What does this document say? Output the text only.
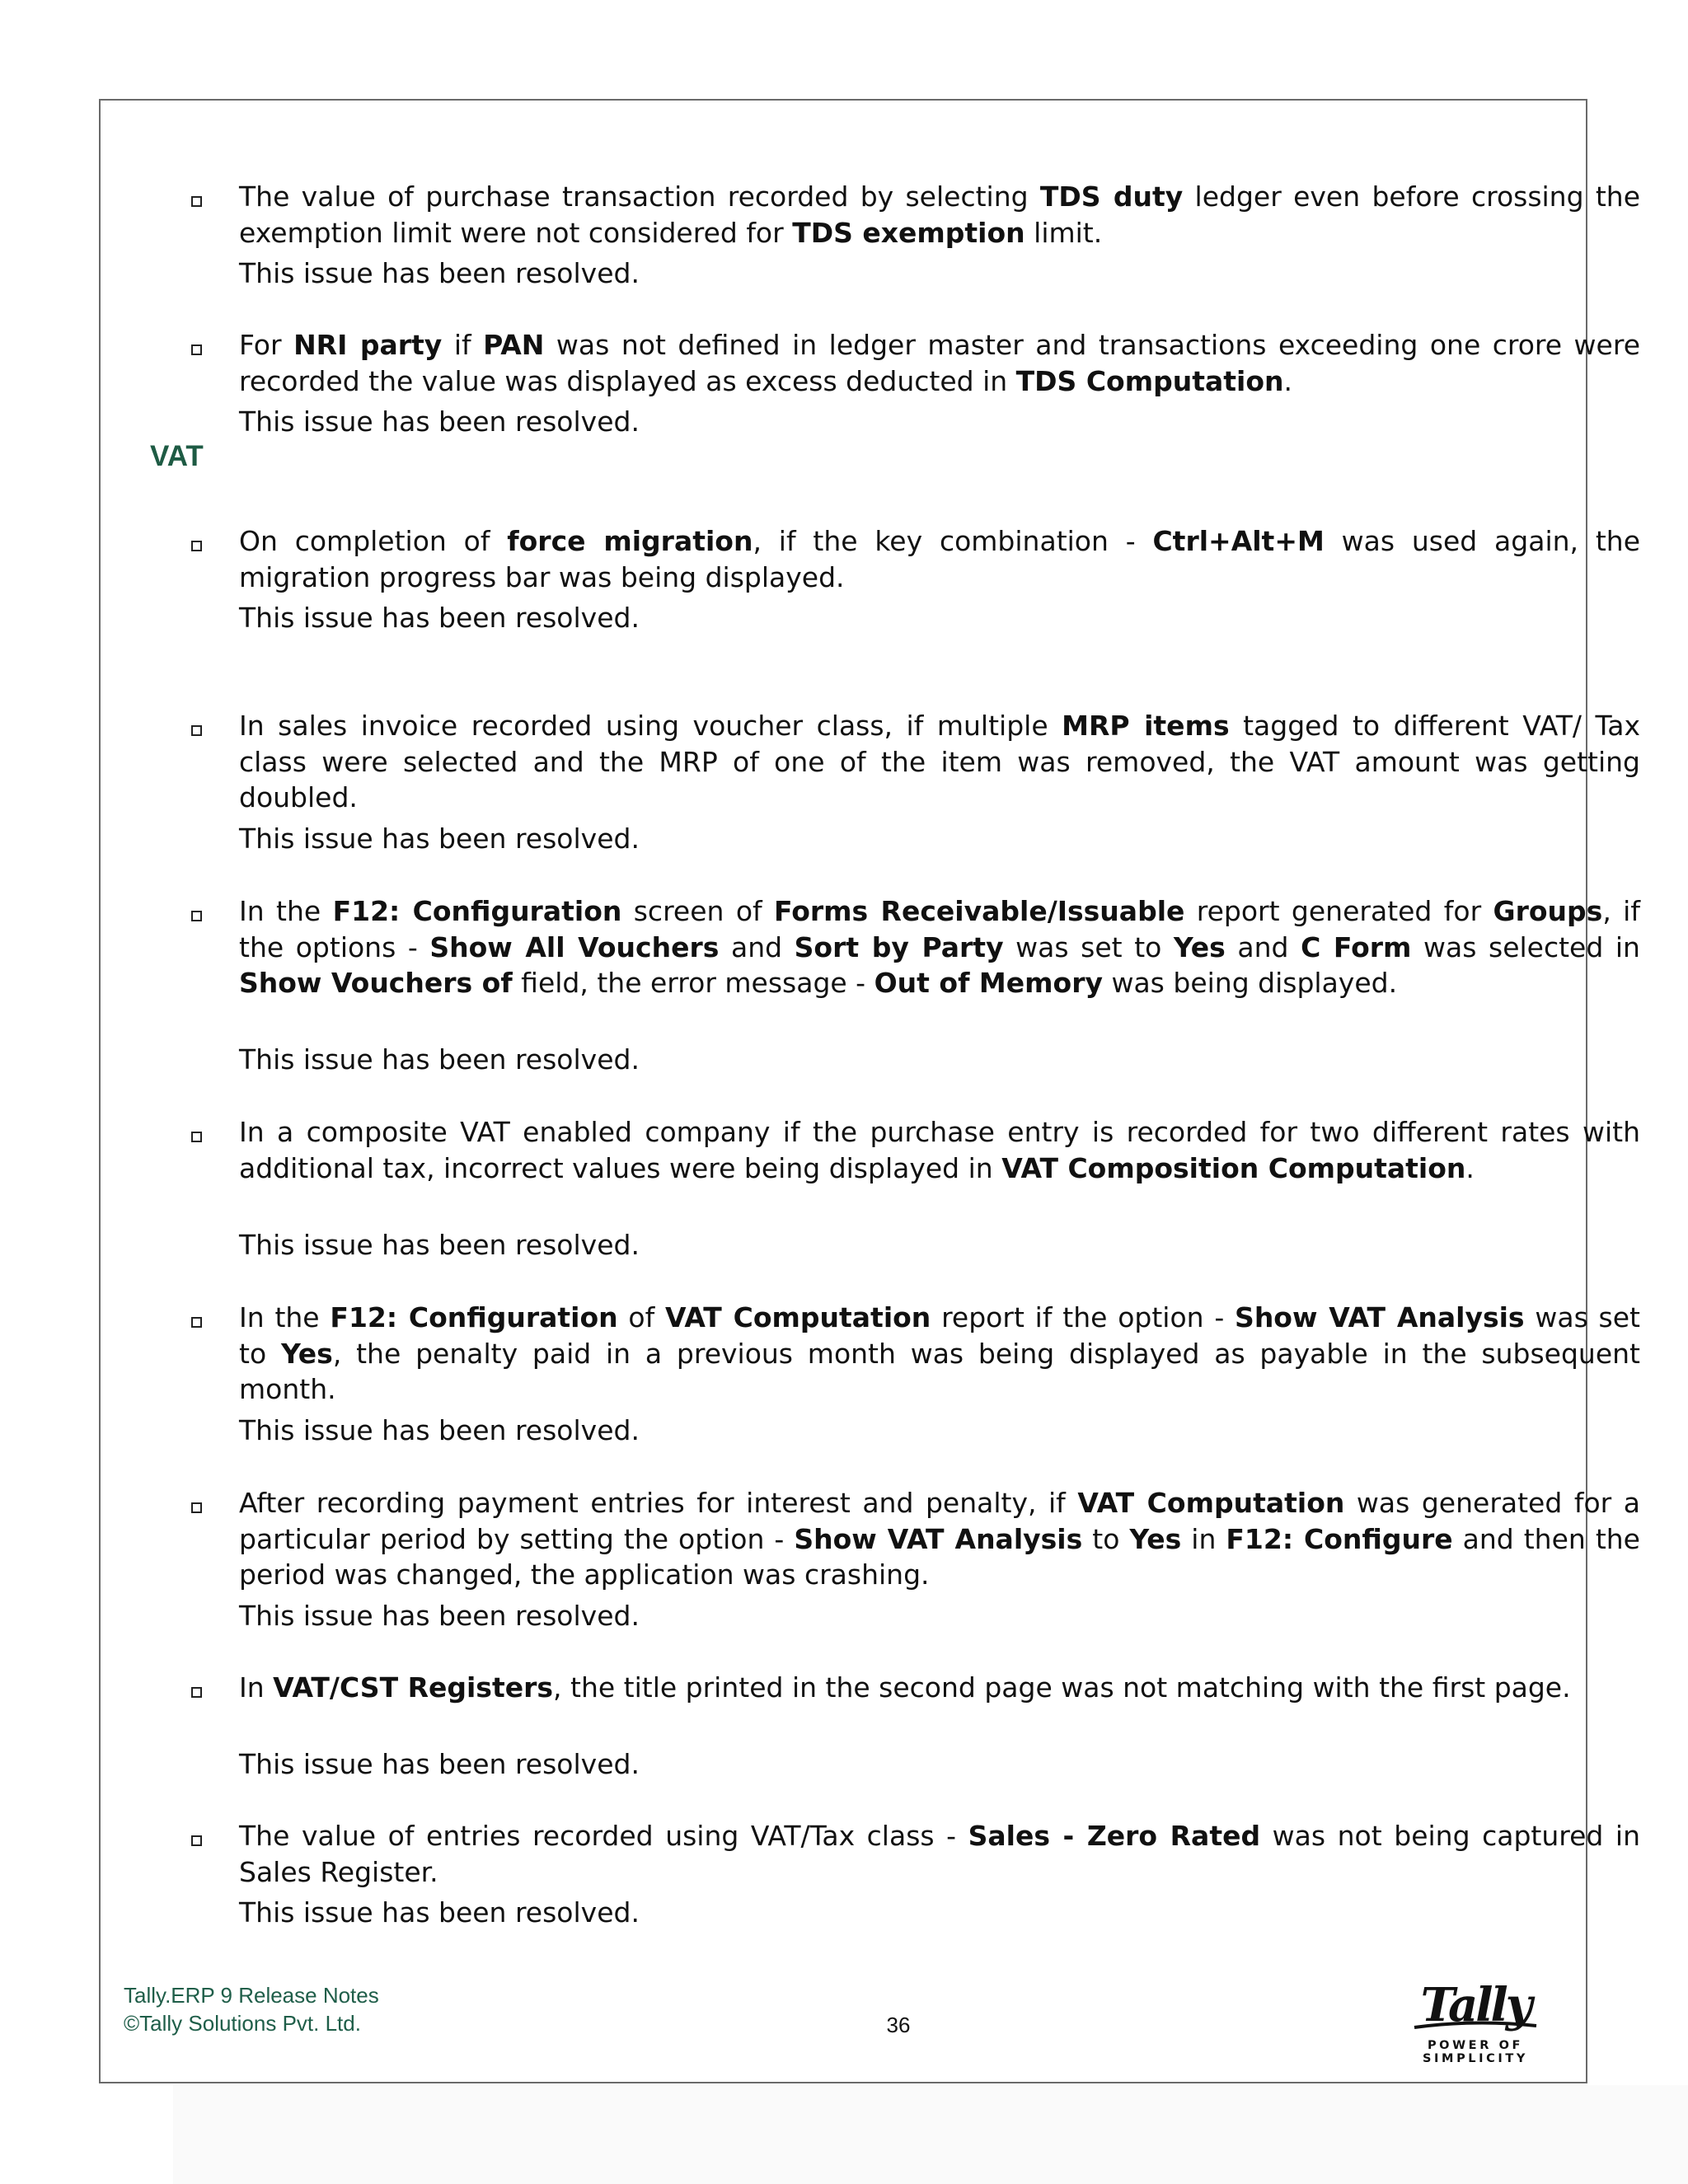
The value of purchase transaction recorded by selecting TDS duty ledger even before crossing the exemption limit were not considered for TDS exemption limit.

This issue has been resolved.

For NRI party if PAN was not defined in ledger master and transactions exceeding one crore were recorded the value was displayed as excess deducted in TDS Computation.

This issue has been resolved.

VAT

On completion of force migration, if the key combination - Ctrl+Alt+M was used again, the migration progress bar was being displayed.

This issue has been resolved.

In sales invoice recorded using voucher class, if multiple MRP items tagged to different VAT/ Tax class were selected and the MRP of one of the item was removed, the VAT amount was getting doubled.

This issue has been resolved.

In the F12: Configuration screen of Forms Receivable/Issuable report generated for Groups, if the options - Show All Vouchers and Sort by Party was set to Yes and C Form was selected in Show Vouchers of field, the error message - Out of Memory was being displayed.

This issue has been resolved.

In a composite VAT enabled company if the purchase entry is recorded for two different rates with additional tax, incorrect values were being displayed in VAT Composition Computation.

This issue has been resolved.

In the F12: Configuration of VAT Computation report if the option - Show VAT Analysis was set to Yes, the penalty paid in a previous month was being displayed as payable in the subsequent month.

This issue has been resolved.

After recording payment entries for interest and penalty, if VAT Computation was generated for a particular period by setting the option - Show VAT Analysis to Yes in F12: Configure and then the period was changed, the application was crashing.

This issue has been resolved.

In VAT/CST Registers, the title printed in the second page was not matching with the first page.

This issue has been resolved.

The value of entries recorded using VAT/Tax class - Sales - Zero Rated was not being captured in Sales Register.

This issue has been resolved.

Tally.ERP 9 Release Notes
©Tally Solutions Pvt. Ltd.	36	Tally
POWER OF SIMPLICITY
